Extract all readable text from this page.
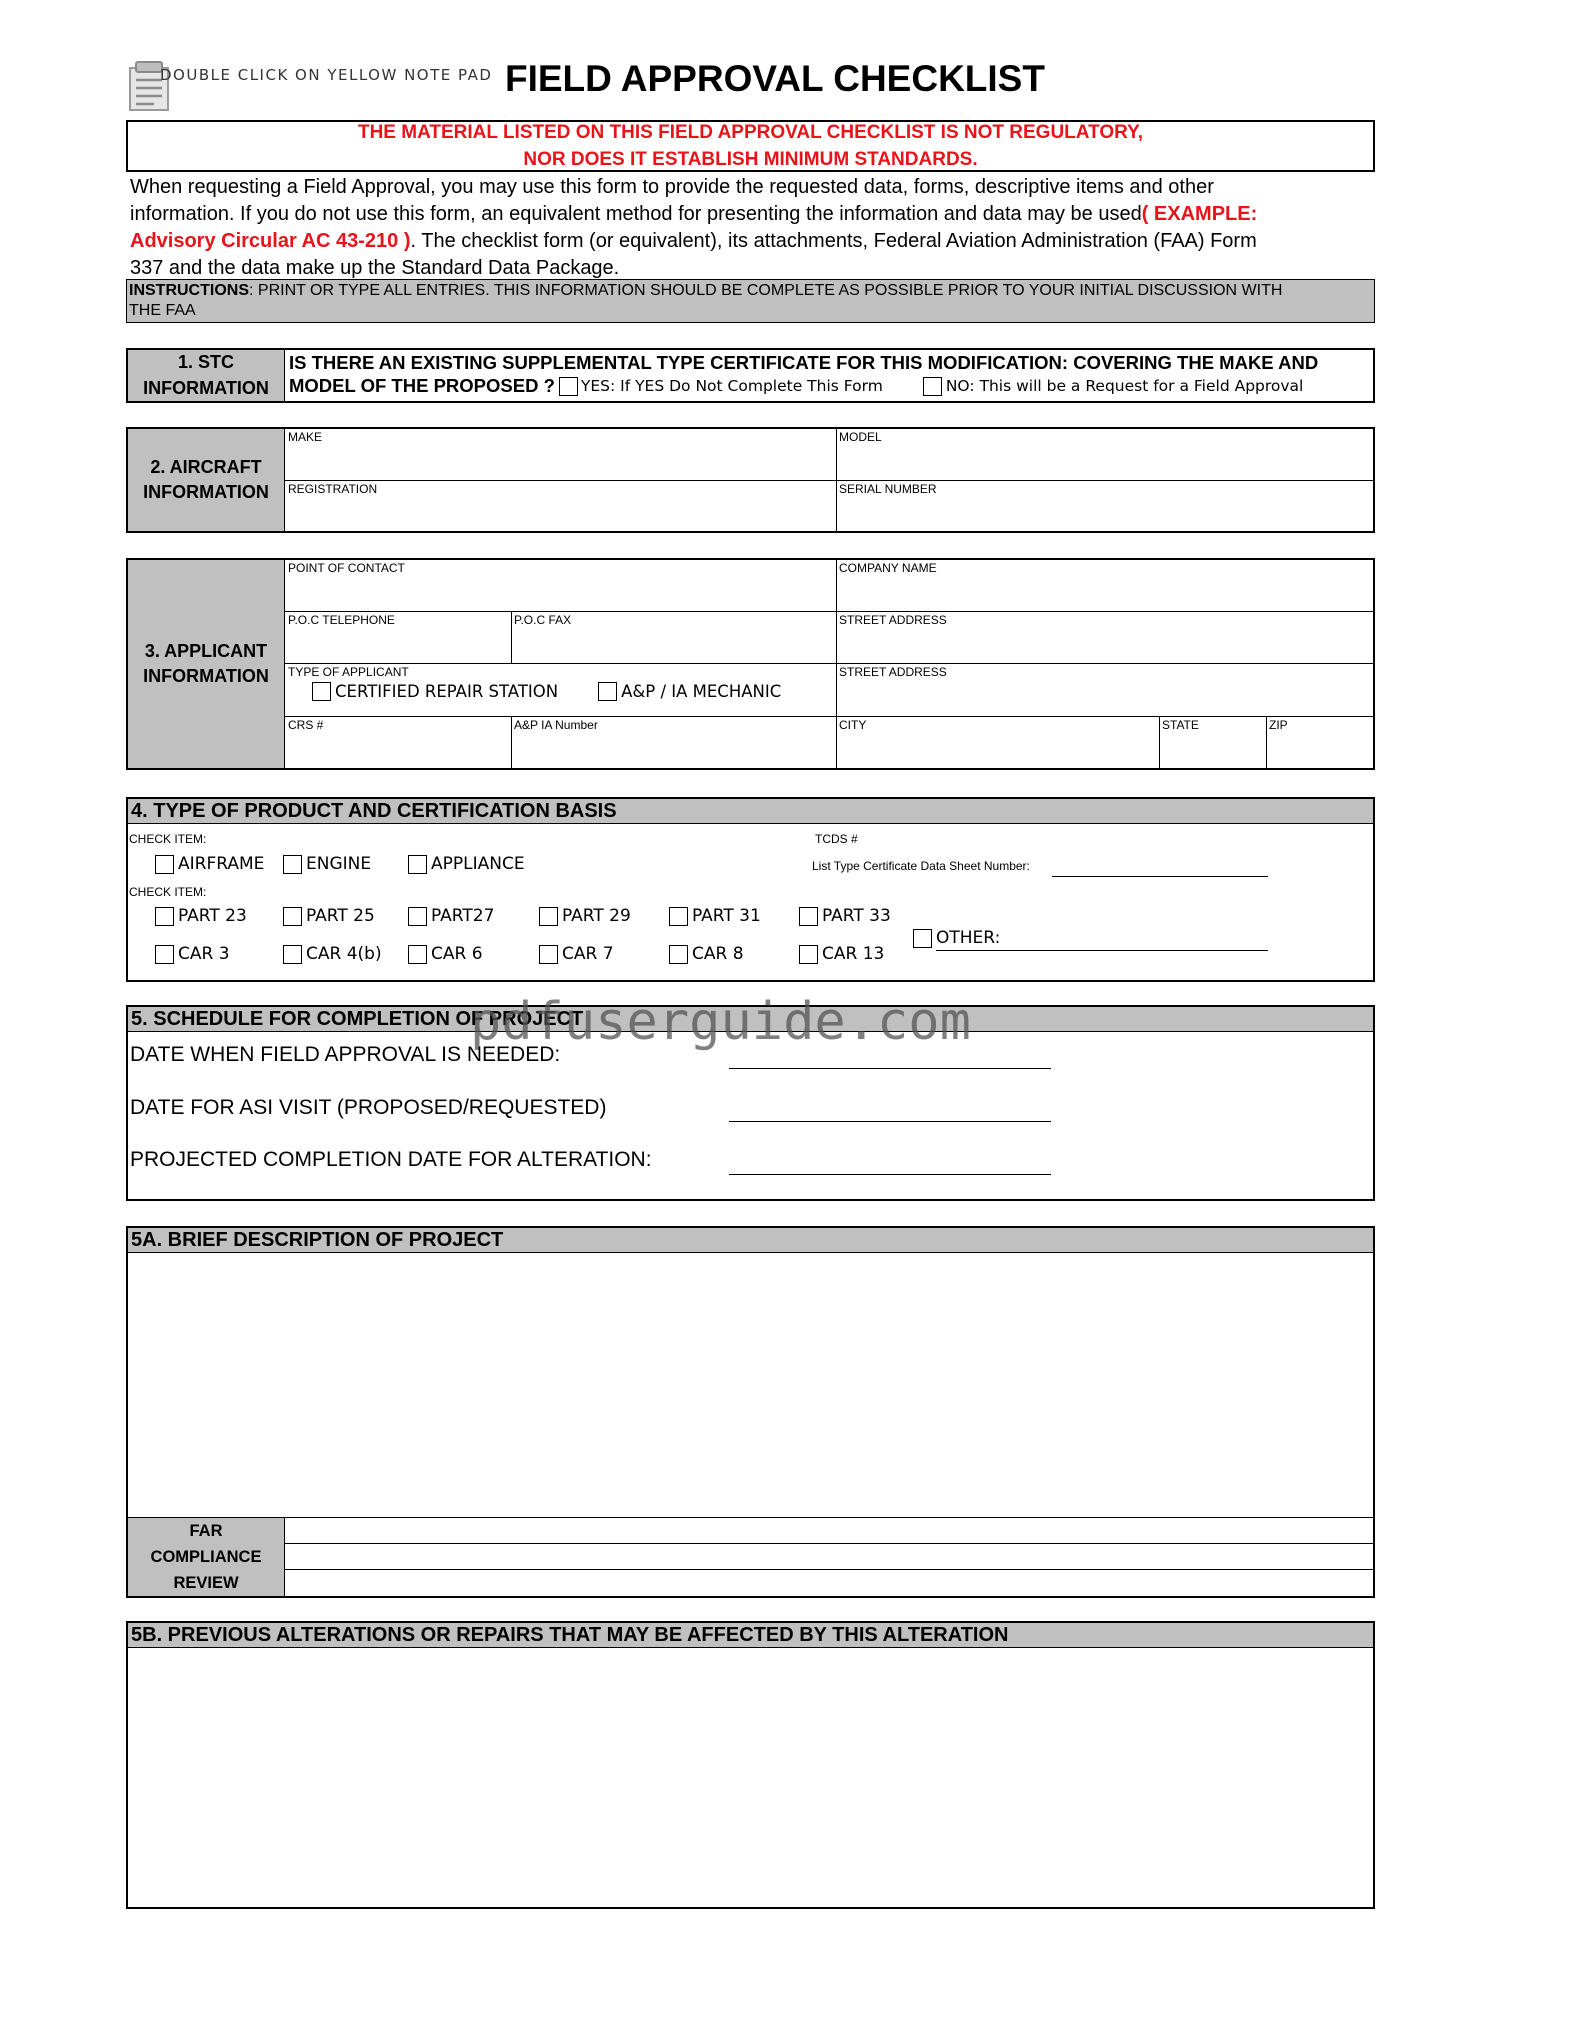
DOUBLE CLICK ON YELLOW NOTE PAD FIELD APPROVAL CHECKLIST
THE MATERIAL LISTED ON THIS FIELD APPROVAL CHECKLIST IS NOT REGULATORY,
NOR DOES IT ESTABLISH MINIMUM STANDARDS.
When requesting a Field Approval, you may use this form to provide the requested data, forms, descriptive items and other
information. If you do not use this form, an equivalent method for presenting the information and data may be used( EXAMPLE:
Advisory Circular AC 43-210 ). The checklist form (or equivalent), its attachments, Federal Aviation Administration (FAA) Form
337 and the data make up the Standard Data Package.
INSTRUCTIONS: PRINT OR TYPE ALL ENTRIES. THIS INFORMATION SHOULD BE COMPLETE AS POSSIBLE PRIOR TO YOUR INITIAL DISCUSSION WITH
THE FAA
1. STC
INFORMATION
IS THERE AN EXISTING SUPPLEMENTAL TYPE CERTIFICATE FOR THIS MODIFICATION: COVERING THE MAKE AND
MODEL OF THE PROPOSED ? YES: If YES Do Not Complete This Form	NO: This will be a Request for a Field Approval
2. AIRCRAFT
INFORMATION
MAKE	MODEL
REGISTRATION	SERIAL NUMBER
3. APPLICANT
INFORMATION
POINT OF CONTACT	COMPANY NAME
P.O.C TELEPHONE	P.O.C FAX	STREET ADDRESS
TYPE OF APPLICANT
CERTIFIED REPAIR STATION	A&P / IA MECHANIC
STREET ADDRESS
CRS #	A&P IA Number	CITY	STATE	ZIP
4. TYPE OF PRODUCT AND CERTIFICATION BASIS
CHECK ITEM:	TCDS #
List Type Certificate Data Sheet Number:
AIRFRAME	ENGINE	APPLIANCE
CHECK ITEM:
PART 23	PART 25	PART27	PART 29	PART 31	PART 33
CAR 3	CAR 4(b)	CAR 6	CAR 7	CAR 8	CAR 13
OTHER:
5. SCHEDULE FOR COMPLETION OF PROJECT
pdfuserguide.com
DATE WHEN FIELD APPROVAL IS NEEDED:
DATE FOR ASI VISIT (PROPOSED/REQUESTED)
PROJECTED COMPLETION DATE FOR ALTERATION:
5A. BRIEF DESCRIPTION OF PROJECT
FAR
COMPLIANCE
REVIEW
5B. PREVIOUS ALTERATIONS OR REPAIRS THAT MAY BE AFFECTED BY THIS ALTERATION
